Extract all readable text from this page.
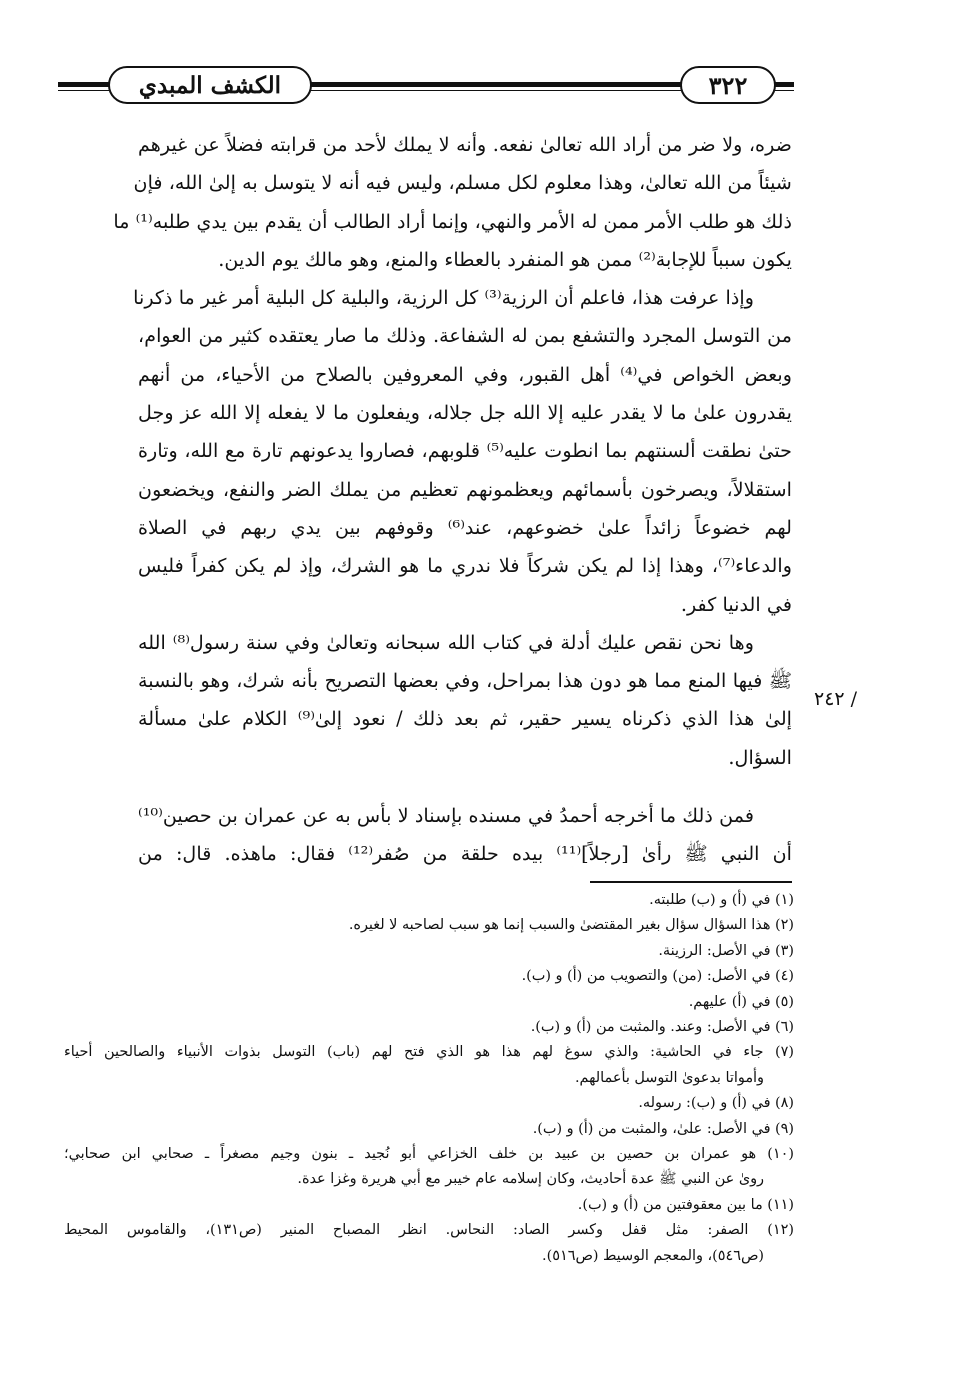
الكشف المبدي	٣٢٢
ضره، ولا ضر من أراد الله تعالىٰ نفعه. وأنه لا يملك لأحد من قرابته فضلاً عن غيرهم
شيئاً من الله تعالىٰ، وهذا معلوم لكل مسلم، وليس فيه أنه لا يتوسل به إلىٰ الله، فإن
ذلك هو طلب الأمر ممن له الأمر والنهي، وإنما أراد الطالب أن يقدم بين يدي طلبه⁽¹⁾ ما
يكون سبباً للإجابة⁽²⁾ ممن هو المنفرد بالعطاء والمنع، وهو مالك يوم الدين.
وإذا عرفت هذا، فاعلم أن الرزية⁽³⁾ كل الرزية، والبلية كل البلية أمر غير ما ذكرنا
من التوسل المجرد والتشفع بمن له الشفاعة. وذلك ما صار يعتقده كثير من العوام،
وبعض الخواص في⁽⁴⁾ أهل القبور، وفي المعروفين بالصلاح من الأحياء، من أنهم
يقدرون علىٰ ما لا يقدر عليه إلا الله جل جلاله، ويفعلون ما لا يفعله إلا الله عز وجل
حتىٰ نطقت ألسنتهم بما انطوت عليه⁽⁵⁾ قلوبهم، فصاروا يدعونهم تارة مع الله، وتارة
استقلالاً، ويصرخون بأسمائهم ويعظمونهم تعظيم من يملك الضر والنفع، ويخضعون
لهم خضوعاً زائداً علىٰ خضوعهم، عند⁽⁶⁾ وقوفهم بين يدي ربهم في الصلاة
والدعاء⁽⁷⁾، وهذا إذا لم يكن شركاً فلا ندري ما هو الشرك، وإذ لم يكن كفراً فليس
في الدنيا كفر.
وها نحن نقص عليك أدلة في كتاب الله سبحانه وتعالىٰ وفي سنة رسول⁽⁸⁾ الله
ﷺ فيها المنع مما هو دون هذا بمراحل، وفي بعضها التصريح بأنه شرك، وهو بالنسبة
إلىٰ هذا الذي ذكرناه يسير حقير، ثم بعد ذلك / نعود إلىٰ⁽⁹⁾ الكلام علىٰ مسألة
السؤال.
فمن ذلك ما أخرجه أحمدُ في مسنده بإسناد لا بأس به عن عمران بن حصين⁽¹⁰⁾
أن النبي ﷺ رأىٰ [رجلاً]⁽¹¹⁾ بيده حلقة من صُفر⁽¹²⁾ فقال: ماهذه. قال: من
/ ٢٤٢
(١) في (أ) و (ب) طلبته.
(٢) هذا السؤال سؤال بغير المقتضىٰ والسبب إنما هو سبب لصاحبه لا لغيره.
(٣) في الأصل: الرزينة.
(٤) في الأصل: (من) والتصويب من (أ) و (ب).
(٥) في (أ) عليهم.
(٦) في الأصل: وعند. والمثبت من (أ) و (ب).
(٧) جاء في الحاشية: والذي سوغ لهم هذا هو الذي فتح لهم (باب) التوسل بذوات الأنبياء والصالحين أحياء
وأمواتا بدعوىٰ التوسل بأعمالهم.
(٨) في (أ) و (ب): رسوله.
(٩) في الأصل: علىٰ، والمثبت من (أ) و (ب).
(١٠) هو عمران بن حصين بن عبيد بن خلف الخزاعي أبو نُجيد ـ بنون وجيم مصغراً ـ صحابي ابن صحابي؛
روىٰ عن النبي ﷺ عدة أحاديث، وكان إسلامه عام خيبر مع أبي هريرة وغزا عدة.
(١١) ما بين معقوفتين من (أ) و (ب).
(١٢) الصفر: مثل قفل وكسر الصاد: النحاس. انظر المصباح المنير (ص١٣١)، والقاموس المحيط
(ص٥٤٦)، والمعجم الوسيط (ص٥١٦).
